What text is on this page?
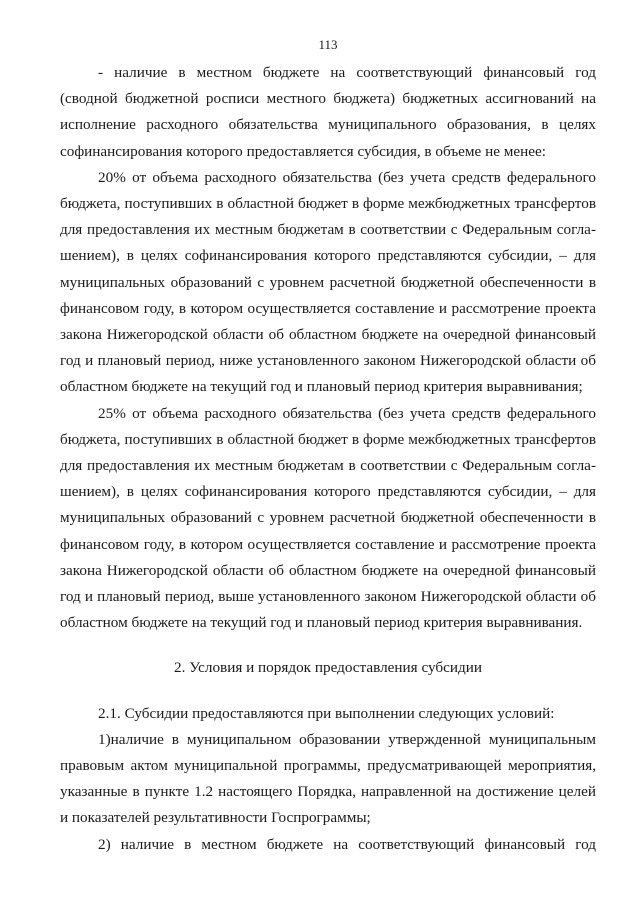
113

- наличие в местном бюджете на соответствующий финансовый год (сводной бюджетной росписи местного бюджета) бюджетных ассигнований на исполнение расходного обязательства муниципального образования, в целях софинансирования которого предоставляется субсидия, в объеме не менее:

20% от объема расходного обязательства (без учета средств федерального бюджета, поступивших в областной бюджет в форме межбюджетных трансфертов для предоставления их местным бюджетам в соответствии с Федеральным соглашением), в целях софинансирования которого представляются субсидии, – для муниципальных образований с уровнем расчетной бюджетной обеспеченности в финансовом году, в котором осуществляется составление и рассмотрение проекта закона Нижегородской области об областном бюджете на очередной финансовый год и плановый период, ниже установленного законом Нижегородской области об областном бюджете на текущий год и плановый период критерия выравнивания;

25% от объема расходного обязательства (без учета средств федерального бюджета, поступивших в областной бюджет в форме межбюджетных трансфертов для предоставления их местным бюджетам в соответствии с Федеральным соглашением), в целях софинансирования которого представляются субсидии, – для муниципальных образований с уровнем расчетной бюджетной обеспеченности в финансовом году, в котором осуществляется составление и рассмотрение проекта закона Нижегородской области об областном бюджете на очередной финансовый год и плановый период, выше установленного законом Нижегородской области об областном бюджете на текущий год и плановый период критерия выравнивания.

2. Условия и порядок предоставления субсидии

2.1. Субсидии предоставляются при выполнении следующих условий:

1)наличие в муниципальном образовании утвержденной муниципальным правовым актом муниципальной программы, предусматривающей мероприятия, указанные в пункте 1.2 настоящего Порядка, направленной на достижение целей и показателей результативности Госпрограммы;

2) наличие в местном бюджете на соответствующий финансовый год
